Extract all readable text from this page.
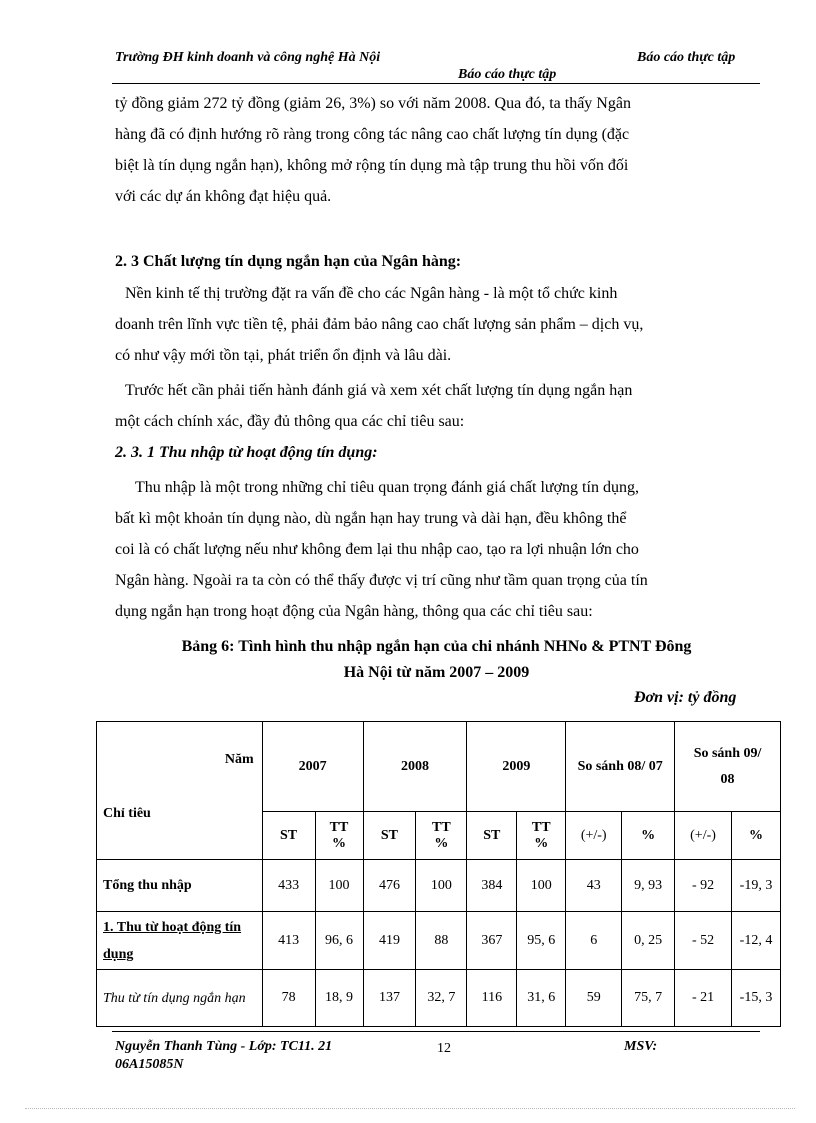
Trường ĐH kinh doanh và công nghệ Hà Nội	Báo cáo thực tập
Báo cáo thực tập

tỷ đồng giảm 272 tỷ đồng (giảm 26, 3%) so với năm 2008. Qua đó, ta thấy Ngân

hàng đã có định hướng rõ ràng trong công tác nâng cao chất lượng tín dụng (đặc

biệt là tín dụng ngắn hạn), không mở rộng tín dụng mà tập trung thu hồi vốn đối

với các dự án không đạt hiệu quả.

2. 3 Chất lượng tín dụng ngắn hạn của Ngân hàng:

Nền kinh tế thị trường đặt ra vấn đề cho các Ngân hàng - là một tổ chức kinh

doanh trên lĩnh vực tiền tệ, phải đảm bảo nâng cao chất lượng sản phẩm – dịch vụ,

có như vậy mới tồn tại, phát triển ổn định và lâu dài.

Trước hết cần phải tiến hành đánh giá và xem xét chất lượng tín dụng ngắn hạn

một cách chính xác, đầy đủ thông qua các chỉ tiêu sau:

2. 3. 1 Thu nhập từ hoạt động tín dụng:

Thu nhập là một trong những chỉ tiêu quan trọng đánh giá chất lượng tín dụng,

bất kì một khoản tín dụng nào, dù ngắn hạn hay trung và dài hạn, đều không thể

coi là có chất lượng nếu như không đem lại thu nhập cao, tạo ra lợi nhuận lớn cho

Ngân hàng. Ngoài ra ta còn có thể thấy được vị trí cũng như tầm quan trọng của tín

dụng ngắn hạn trong hoạt động của Ngân hàng, thông qua các chỉ tiêu sau:

Bảng 6: Tình hình thu nhập ngắn hạn của chi nhánh NHNo & PTNT Đông
Hà Nội từ năm 2007 – 2009
Đơn vị: tỷ đồng
Năm
Chỉ tiêu	2007		2008		2009		So sánh 08/ 07		So sánh 09/ 08	
	ST	TT %	ST	TT %	ST	TT %	(+/-)	%	(+/-)	%
Tổng thu nhập	433	100	476	100	384	100	43	9, 93	- 92	-19, 3
1. Thu từ hoạt động tín dụng	413	96, 6	419	88	367	95, 6	6	0, 25	- 52	-12, 4
Thu từ tín dụng ngắn hạn	78	18, 9	137	32, 7	116	31, 6	59	75, 7	- 21	-15, 3
Nguyễn Thanh Tùng - Lớp: TC11. 21	12	MSV:
06A15085N
